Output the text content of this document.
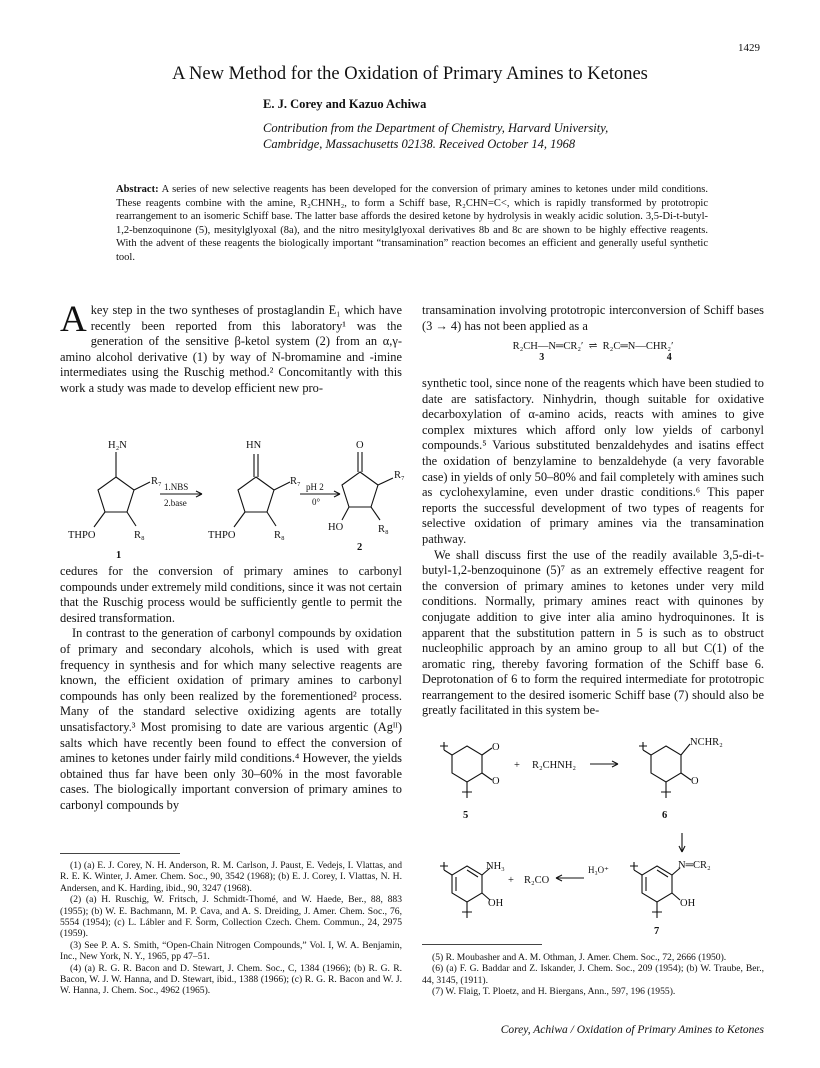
1429
A New Method for the Oxidation of Primary Amines to Ketones
E. J. Corey and Kazuo Achiwa
Contribution from the Department of Chemistry, Harvard University,
Cambridge, Massachusetts 02138. Received October 14, 1968
Abstract: A series of new selective reagents has been developed for the conversion of primary amines to ketones under mild conditions. These reagents combine with the amine, R₂CHNH₂, to form a Schiff base, R₂CHN=C<, which is rapidly transformed by prototropic rearrangement to an isomeric Schiff base. The latter base affords the desired ketone by hydrolysis in weakly acidic solution. 3,5-Di-t-butyl-1,2-benzoquinone (5), mesitylglyoxal (8a), and the nitro mesitylglyoxal derivatives 8b and 8c are shown to be highly effective reagents. With the advent of these reagents the biologically important “transamination” reaction becomes an efficient and generally useful synthetic tool.
A key step in the two syntheses of prostaglandin E₁ which have recently been reported from this laboratory¹ was the generation of the sensitive β-ketol system (2) from an α,γ-amino alcohol derivative (1) by way of N-bromamine and -imine intermediates using the Ruschig method.² Concomitantly with this work a study was made to develop efficient new pro-
H₂N
R₇
THPO	R₈
1.NBS
2.base
HN
R₇
THPO	R₈
pH 2
0°
O
R₇
HO	R₈
1
2

cedures for the conversion of primary amines to carbonyl compounds under extremely mild conditions, since it was not certain that the Ruschig process would be sufficiently gentle to permit the desired transformation.

In contrast to the generation of carbonyl compounds by oxidation of primary and secondary alcohols, which is used with great frequency in synthesis and for which many selective reagents are known, the efficient oxidation of primary amines to carbonyl compounds has only been realized by the forementioned² process. Many of the standard selective oxidizing agents are totally unsatisfactory.³ Most promising to date are various argentic (Agᴵᴵ) salts which have recently been found to effect the conversion of amines to ketones under fairly mild conditions.⁴ However, the yields obtained thus far have been only 30–60% in the most favorable cases. The biologically important conversion of primary amines to carbonyl compounds by

(1) (a) E. J. Corey, N. H. Anderson, R. M. Carlson, J. Paust, E. Vedejs, I. Vlattas, and R. E. K. Winter, J. Amer. Chem. Soc., 90, 3542 (1968); (b) E. J. Corey, I. Vlattas, N. H. Andersen, and K. Harding, ibid., 90, 3247 (1968).

(2) (a) H. Ruschig, W. Fritsch, J. Schmidt-Thomé, and W. Haede, Ber., 88, 883 (1955); (b) W. E. Bachmann, M. P. Cava, and A. S. Dreiding, J. Amer. Chem. Soc., 76, 5554 (1954); (c) L. Lábler and F. Šorm, Collection Czech. Chem. Commun., 24, 2975 (1959).

(3) See P. A. S. Smith, “Open-Chain Nitrogen Compounds,” Vol. I, W. A. Benjamin, Inc., New York, N. Y., 1965, pp 47–51.

(4) (a) R. G. R. Bacon and D. Stewart, J. Chem. Soc., C, 1384 (1966); (b) R. G. R. Bacon, W. J. W. Hanna, and D. Stewart, ibid., 1388 (1966); (c) R. G. R. Bacon and W. J. W. Hanna, J. Chem. Soc., 4962 (1965).

transamination involving prototropic interconversion of Schiff bases (3 → 4) has not been applied as a

R₂CH—N═CR₂′  ⇌  R₂C═N—CHR₂′
3	4

synthetic tool, since none of the reagents which have been studied to date are satisfactory. Ninhydrin, though suitable for oxidative decarboxylation of α-amino acids, reacts with amines to give complex mixtures which afford only low yields of carbonyl compounds.⁵ Various substituted benzaldehydes and isatins effect the oxidation of benzylamine to benzaldehyde (a very favorable case) in yields of only 50–80% and fail completely with amines such as cyclohexylamine, even under drastic conditions.⁶ This paper reports the successful development of two types of reagents for selective oxidation of primary amines via the transamination pathway.

We shall discuss first the use of the readily available 3,5-di-t-butyl-1,2-benzoquinone (5)⁷ as an extremely effective reagent for the conversion of primary amines to ketones under very mild conditions. Normally, primary amines react with quinones by conjugate addition to give inter alia amino hydroquinones. It is apparent that the substitution pattern in 5 is such as to obstruct nucleophilic approach by an amino group to all but C(1) of the aromatic ring, thereby favoring formation of the Schiff base 6. Deprotonation of 6 to form the required intermediate for prototropic rearrangement to the desired isomeric Schiff base (7) should also be greatly facilitated in this system be-

O
O
+ R₂CHNH₂
NCHR₂
O
5	6
NH₃
OH
+ R₂CO
H₃O⁺	N═CR₂
OH
7

(5) R. Moubasher and A. M. Othman, J. Amer. Chem. Soc., 72, 2666 (1950).

(6) (a) F. G. Baddar and Z. Iskander, J. Chem. Soc., 209 (1954); (b) W. Traube, Ber., 44, 3145, (1911).

(7) W. Flaig, T. Ploetz, and H. Biergans, Ann., 597, 196 (1955).

Corey, Achiwa / Oxidation of Primary Amines to Ketones
